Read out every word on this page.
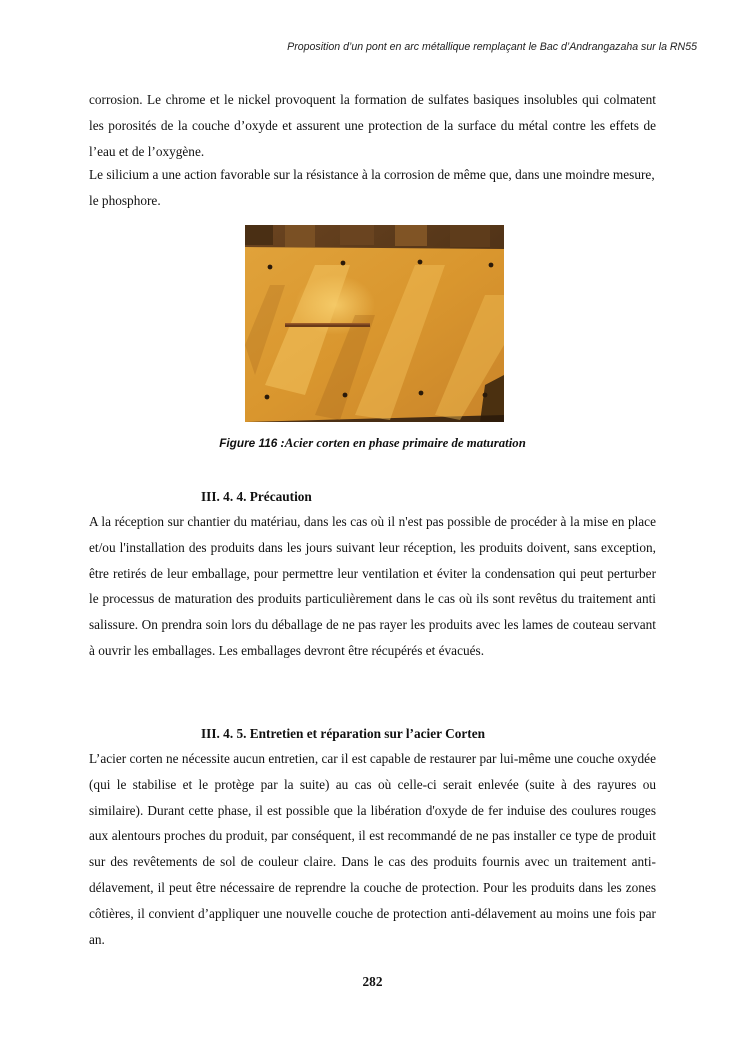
Proposition d’un pont en arc métallique remplaçant le Bac d’Andrangazaha sur la RN55

corrosion. Le chrome et le nickel provoquent la formation de sulfates basiques insolubles qui colmatent les porosités de la couche d’oxyde et assurent une protection de la surface du métal contre les effets de l’eau et de l’oxygène.

Le silicium a une action favorable sur la résistance à la corrosion de même que, dans une moindre mesure, le phosphore.

Figure 116 :Acier corten en phase primaire de maturation

III. 4. 4. Précaution

A la réception sur chantier du matériau, dans les cas où il n'est pas possible de procéder à la mise en place et/ou l'installation des produits dans les jours suivant leur réception, les produits doivent, sans exception, être retirés de leur emballage, pour permettre leur ventilation et éviter la condensation qui peut perturber le processus de maturation des produits particulièrement dans le cas où ils sont revêtus du traitement anti salissure. On prendra soin lors du déballage de ne pas rayer les produits avec les lames de couteau servant à ouvrir les emballages. Les emballages devront être récupérés et évacués.

III. 4. 5. Entretien et réparation sur l’acier Corten

L’acier corten ne nécessite aucun entretien, car il est capable de restaurer par lui-même une couche oxydée (qui le stabilise et le protège par la suite) au cas où celle-ci serait enlevée (suite à des rayures ou similaire). Durant cette phase, il est possible que la libération d'oxyde de fer induise des coulures rouges aux alentours proches du produit, par conséquent, il est recommandé de ne pas installer ce type de produit sur des revêtements de sol de couleur claire. Dans le cas des produits fournis avec un traitement anti-délavement, il peut être nécessaire de reprendre la couche de protection. Pour les produits dans les zones côtières, il convient d’appliquer une nouvelle couche de protection anti-délavement au moins une fois par an.

282
